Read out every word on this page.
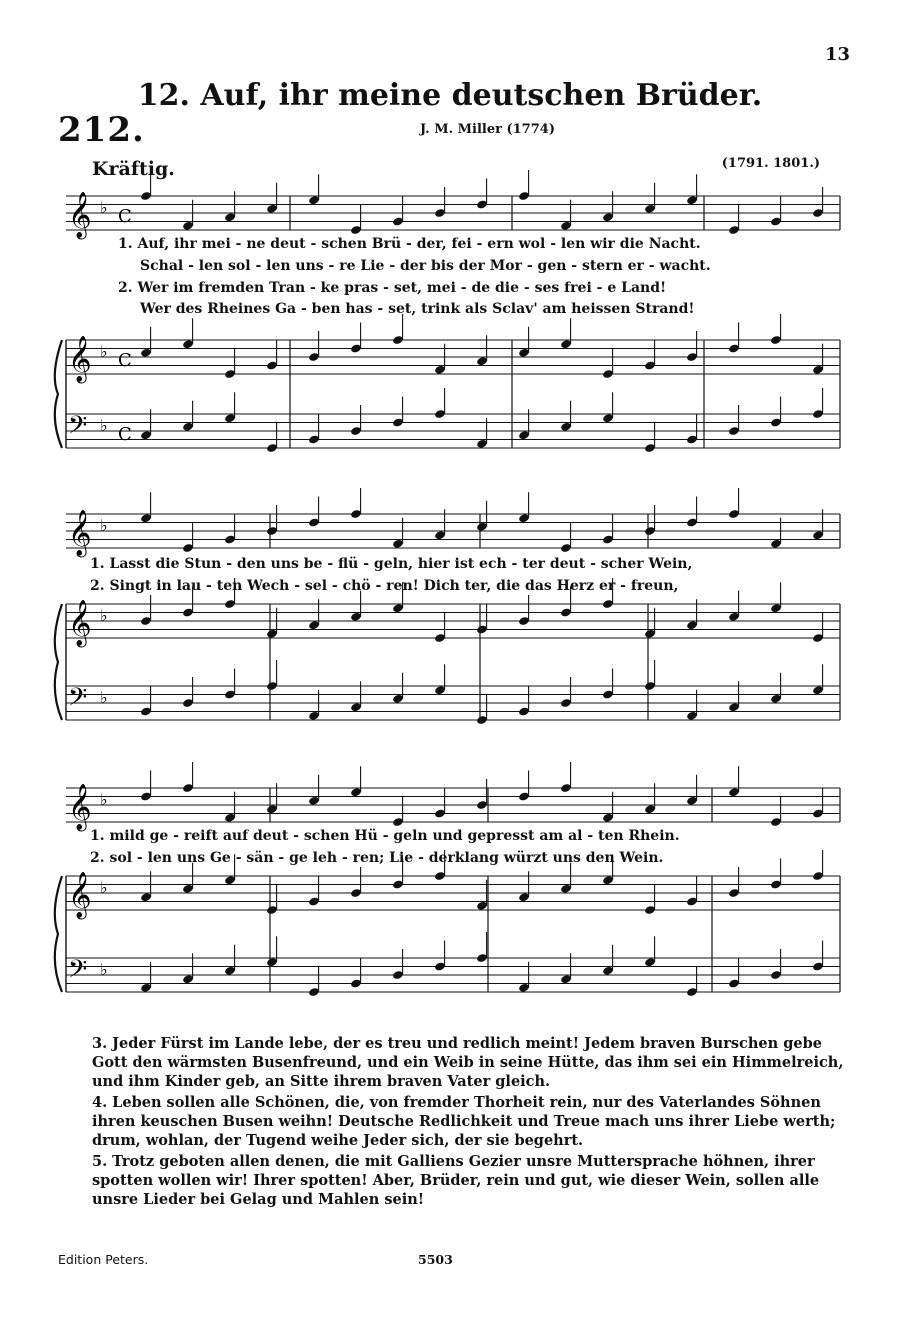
13
12. Auf, ihr meine deutschen Brüder.
212.	J. M. Miller (1774)
Kräftig.	(1791. 1801.)
𝄞
𝄞
𝄢
♭
♭
♭
C
C
C
𝄞
𝄞
𝄢
♭
♭
♭
𝄞
𝄞
𝄢
♭
♭
♭
1. Auf, ihr mei - ne deut - schen Brü - der, fei - ern wol - len wir die Nacht.
Schal - len sol - len uns - re Lie - der bis der Mor - gen - stern er - wacht.
2. Wer im fremden Tran - ke pras - set, mei - de die - ses frei - e Land!
Wer des Rheines Ga - ben has - set, trink als Sclav' am heissen Strand!
1. Lasst die Stun - den uns be - flü - geln, hier ist ech - ter deut - scher Wein,
2. Singt in lau - ten Wech - sel - chö - ren! Dich ter, die das Herz er - freun,
1. mild ge - reift auf deut - schen Hü - geln und gepresst am al - ten Rhein.
2. sol - len uns Ge - sän - ge leh - ren; Lie - derklang würzt uns den Wein.

3. Jeder Fürst im Lande lebe, der es treu und redlich meint! Jedem braven Burschen gebe Gott den wärmsten Busenfreund, und ein Weib in seine Hütte, das ihm sei ein Himmelreich, und ihm Kinder geb, an Sitte ihrem braven Vater gleich.

4. Leben sollen alle Schönen, die, von fremder Thorheit rein, nur des Vaterlandes Söhnen ihren keuschen Busen weihn! Deutsche Redlichkeit und Treue mach uns ihrer Liebe werth; drum, wohlan, der Tugend weihe Jeder sich, der sie begehrt.

5. Trotz geboten allen denen, die mit Galliens Gezier unsre Muttersprache höhnen, ihrer spotten wollen wir! Ihrer spotten! Aber, Brüder, rein und gut, wie dieser Wein, sollen alle unsre Lieder bei Gelag und Mahlen sein!

Edition Peters.	5503
